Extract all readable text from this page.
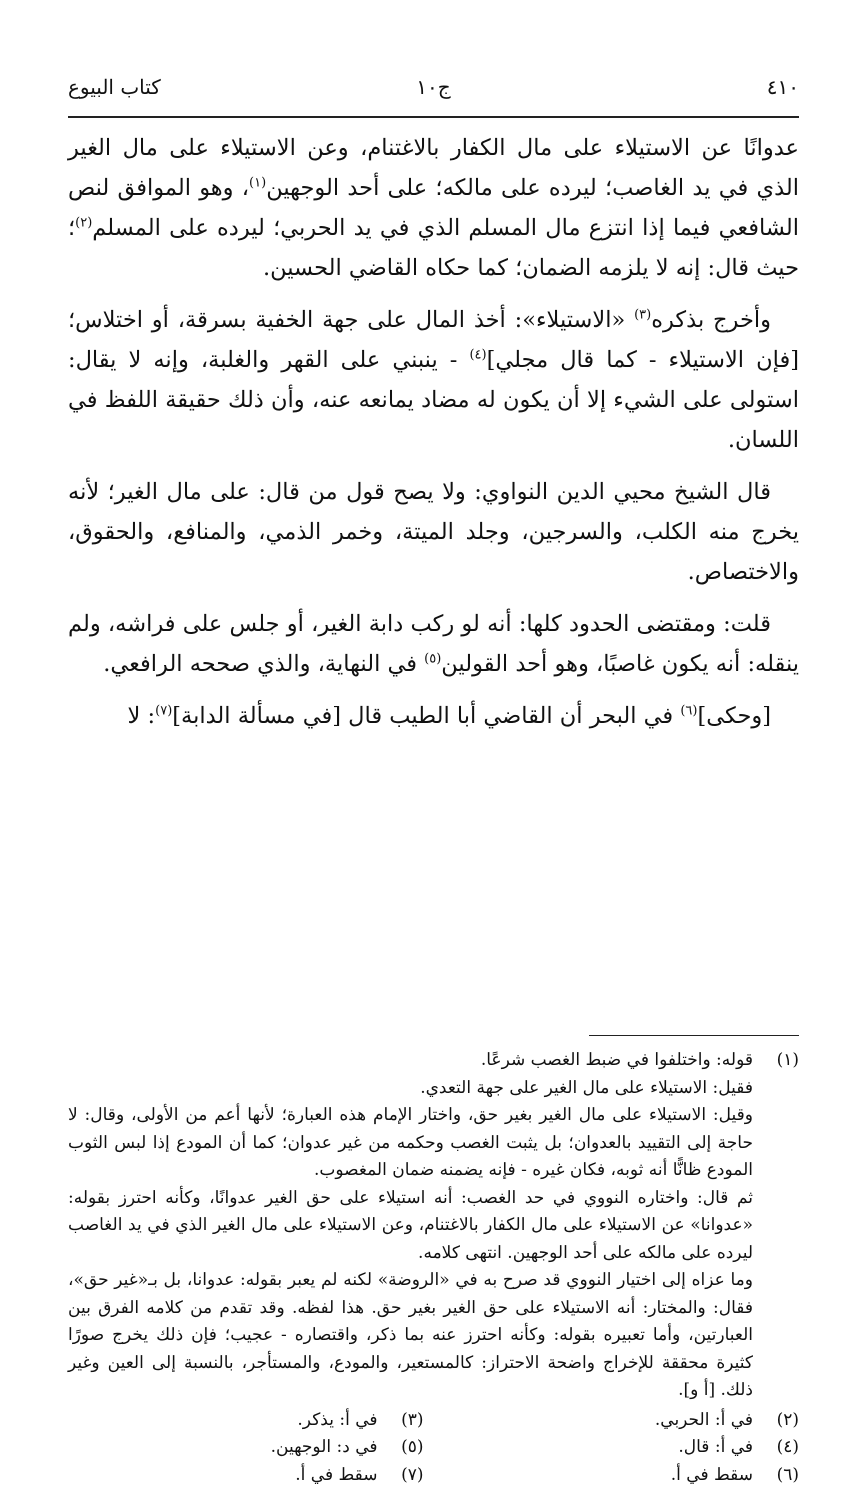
٤١٠
ج١٠
كتاب البيوع

عدوانًا عن الاستيلاء على مال الكفار بالاغتنام، وعن الاستيلاء على مال الغير الذي في يد الغاصب؛ ليرده على مالكه؛ على أحد الوجهين$^{(١)}$، وهو الموافق لنص الشافعي فيما إذا انتزع مال المسلم الذي في يد الحربي؛ ليرده على المسلم$^{(٢)}$؛ حيث قال: إنه لا يلزمه الضمان؛ كما حكاه القاضي الحسين.

وأخرج بذكره$^{(٣)}$ «الاستيلاء»: أخذ المال على جهة الخفية بسرقة، أو اختلاس؛ [فإن الاستيلاء - كما قال مجلي]$^{(٤)}$ - ينبني على القهر والغلبة، وإنه لا يقال: استولى على الشيء إلا أن يكون له مضاد يمانعه عنه، وأن ذلك حقيقة اللفظ في اللسان.

قال الشيخ محيي الدين النواوي: ولا يصح قول من قال: على مال الغير؛ لأنه يخرج منه الكلب، والسرجين، وجلد الميتة، وخمر الذمي، والمنافع، والحقوق، والاختصاص.

قلت: ومقتضى الحدود كلها: أنه لو ركب دابة الغير، أو جلس على فراشه، ولم ينقله: أنه يكون غاصبًا، وهو أحد القولين$^{(٥)}$ في النهاية، والذي صححه الرافعي.

[وحكى]$^{(٦)}$ في البحر أن القاضي أبا الطيب قال [في مسألة الدابة]$^{(٧)}$: لا

(١)

قوله: واختلفوا في ضبط الغصب شرعًا.

فقيل: الاستيلاء على مال الغير على جهة التعدي.

وقيل: الاستيلاء على مال الغير بغير حق، واختار الإمام هذه العبارة؛ لأنها أعم من الأولى، وقال: لا حاجة إلى التقييد بالعدوان؛ بل يثبت الغصب وحكمه من غير عدوان؛ كما أن المودع إذا لبس الثوب المودع ظانًّا أنه ثوبه، فكان غيره - فإنه يضمنه ضمان المغصوب.

ثم قال: واختاره النووي في حد الغصب: أنه استيلاء على حق الغير عدوانًا، وكأنه احترز بقوله: «عدوانا» عن الاستيلاء على مال الكفار بالاغتنام، وعن الاستيلاء على مال الغير الذي في يد الغاصب ليرده على مالكه على أحد الوجهين. انتهى كلامه.

وما عزاه إلى اختيار النووي قد صرح به في «الروضة» لكنه لم يعبر بقوله: عدوانا، بل بـ«غير حق»، فقال: والمختار: أنه الاستيلاء على حق الغير بغير حق. هذا لفظه. وقد تقدم من كلامه الفرق بين العبارتين، وأما تعبيره بقوله: وكأنه احترز عنه بما ذكر، واقتصاره - عجيب؛ فإن ذلك يخرج صورًا كثيرة محققة للإخراج واضحة الاحتراز: كالمستعير، والمودع، والمستأجر، بالنسبة إلى العين وغير ذلك. [أ و].

(٢)
في أ: الحربي.
(٣)
في أ: يذكر.
(٤)
في أ: قال.
(٥)
في د: الوجهين.
(٦)
سقط في أ.
(٧)
سقط في أ.
